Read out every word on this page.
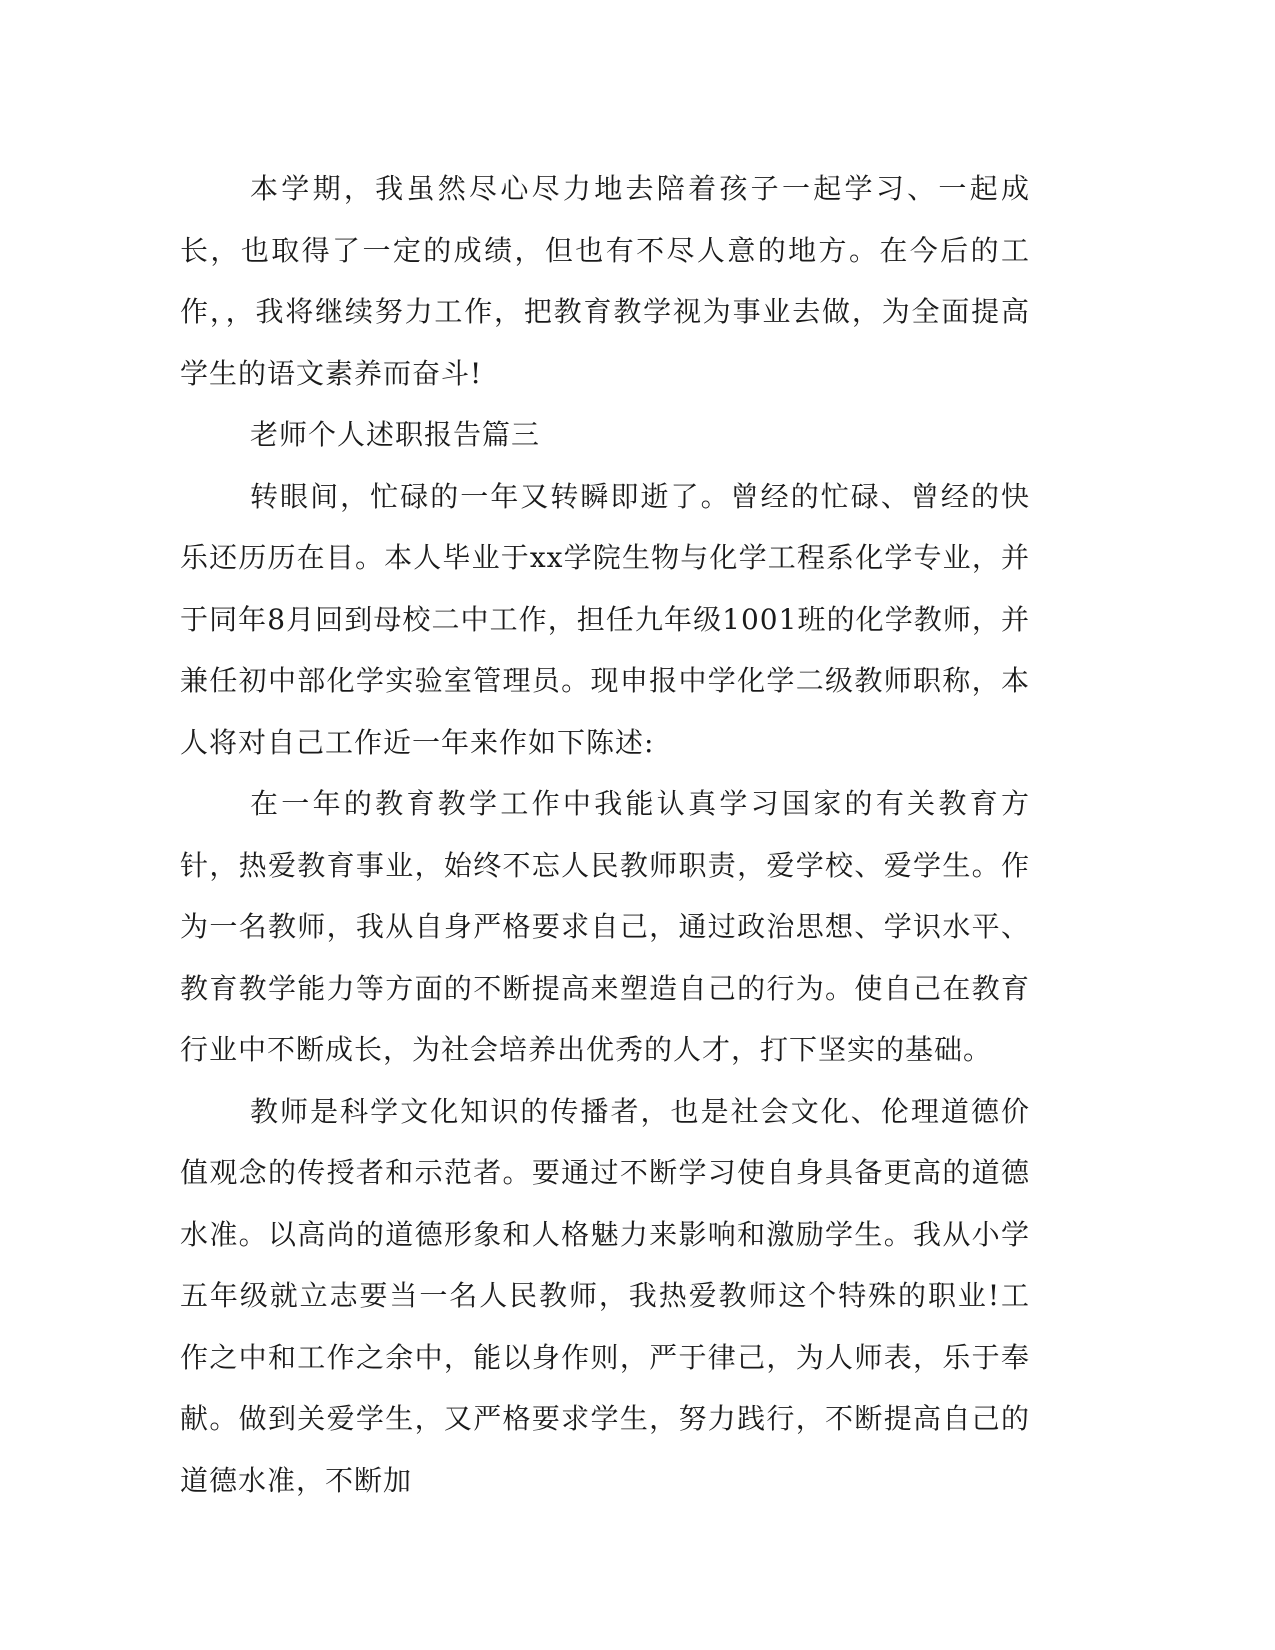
本学期，我虽然尽心尽力地去陪着孩子一起学习、一起成长，也取得了一定的成绩，但也有不尽人意的地方。在今后的工作，，我将继续努力工作，把教育教学视为事业去做，为全面提高学生的语文素养而奋斗!

老师个人述职报告篇三

转眼间，忙碌的一年又转瞬即逝了。曾经的忙碌、曾经的快乐还历历在目。本人毕业于xx学院生物与化学工程系化学专业，并于同年8月回到母校二中工作，担任九年级1001班的化学教师，并兼任初中部化学实验室管理员。现申报中学化学二级教师职称，本人将对自己工作近一年来作如下陈述:

在一年的教育教学工作中我能认真学习国家的有关教育方针，热爱教育事业，始终不忘人民教师职责，爱学校、爱学生。作为一名教师，我从自身严格要求自己，通过政治思想、学识水平、教育教学能力等方面的不断提高来塑造自己的行为。使自己在教育行业中不断成长，为社会培养出优秀的人才，打下坚实的基础。

教师是科学文化知识的传播者，也是社会文化、伦理道德价值观念的传授者和示范者。要通过不断学习使自身具备更高的道德水准。以高尚的道德形象和人格魅力来影响和激励学生。我从小学五年级就立志要当一名人民教师，我热爱教师这个特殊的职业!工作之中和工作之余中，能以身作则，严于律己，为人师表，乐于奉献。做到关爱学生，又严格要求学生，努力践行，不断提高自己的道德水准，不断加
